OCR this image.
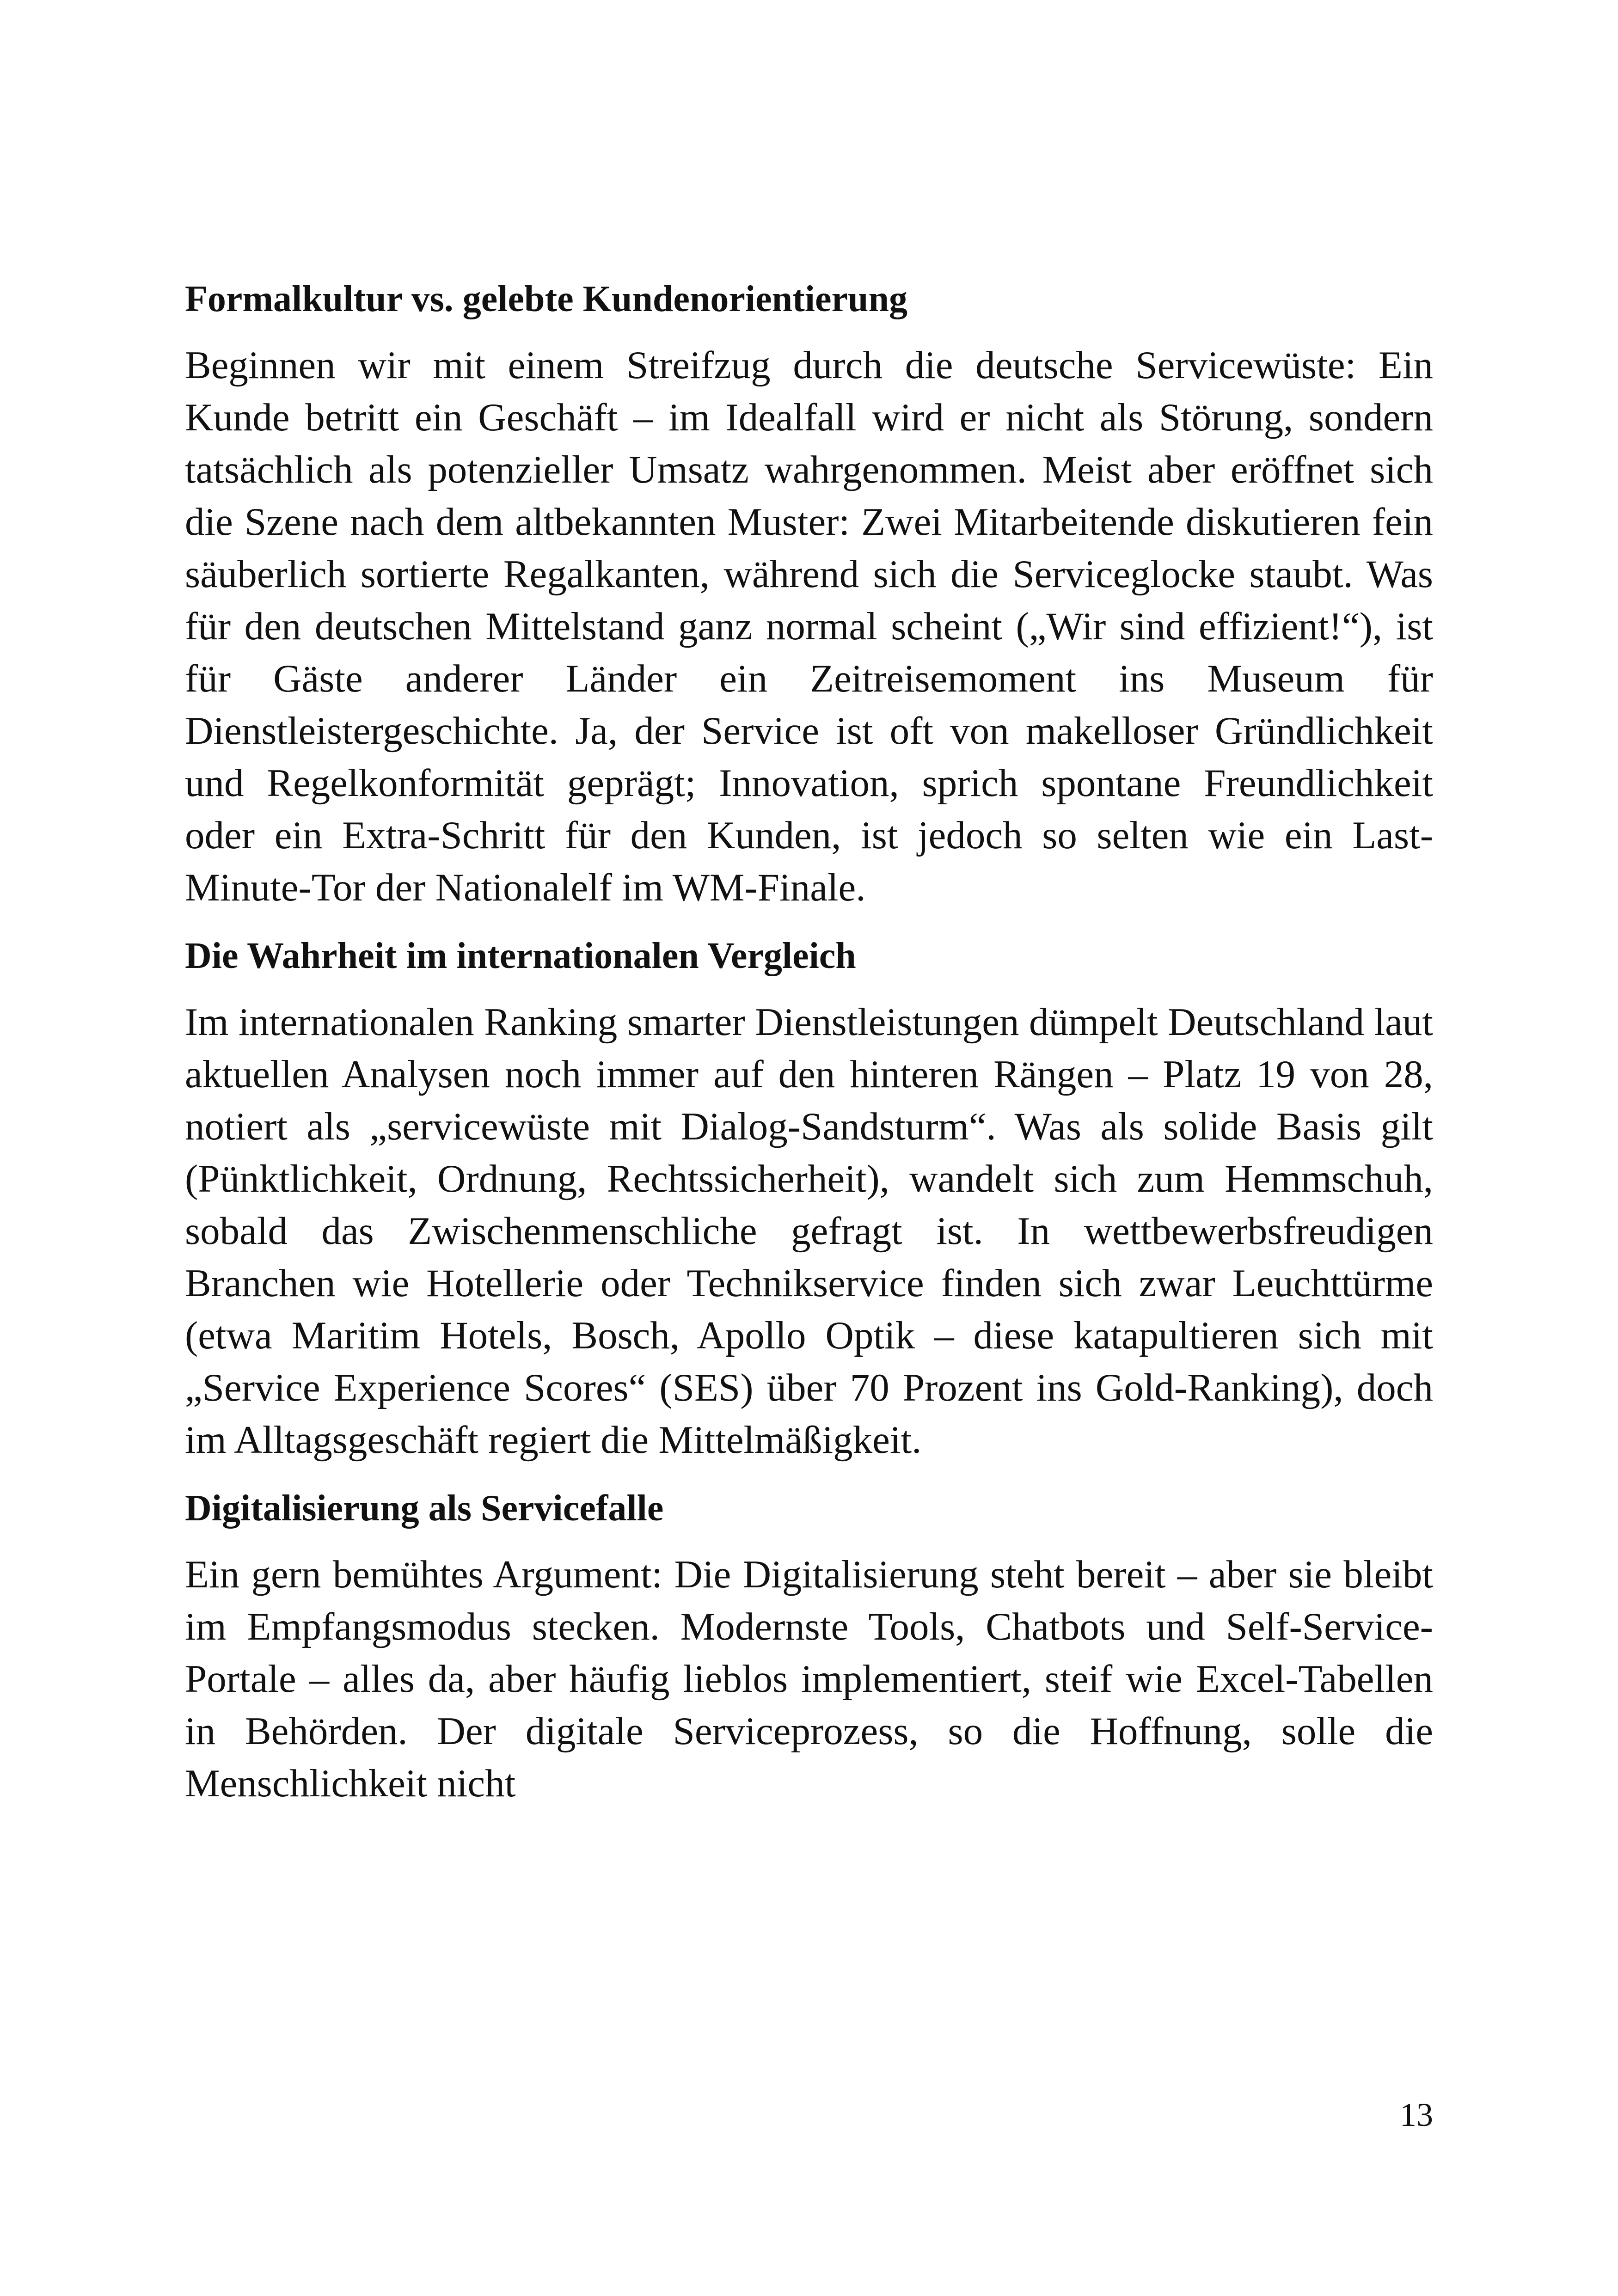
Formalkultur vs. gelebte Kundenorientierung

Beginnen wir mit einem Streifzug durch die deutsche Servicewüste: Ein Kunde betritt ein Geschäft – im Idealfall wird er nicht als Störung, sondern tatsächlich als potenzieller Umsatz wahrgenommen. Meist aber eröffnet sich die Szene nach dem altbekannten Muster: Zwei Mitarbeitende diskutieren fein säuberlich sortierte Regalkanten, während sich die Serviceglocke staubt. Was für den deutschen Mittelstand ganz normal scheint („Wir sind effizient!“), ist für Gäste anderer Länder ein Zeitreisemoment ins Museum für Dienstleistergeschichte. Ja, der Service ist oft von makelloser Gründlichkeit und Regelkonformität geprägt; Innovation, sprich spontane Freundlichkeit oder ein Extra-Schritt für den Kunden, ist jedoch so selten wie ein Last-Minute-Tor der Nationalelf im WM-Finale.

Die Wahrheit im internationalen Vergleich

Im internationalen Ranking smarter Dienstleistungen dümpelt Deutschland laut aktuellen Analysen noch immer auf den hinteren Rängen – Platz 19 von 28, notiert als „servicewüste mit Dialog-Sandsturm“. Was als solide Basis gilt (Pünktlichkeit, Ordnung, Rechtssicherheit), wandelt sich zum Hemmschuh, sobald das Zwischenmenschliche gefragt ist. In wettbewerbsfreudigen Branchen wie Hotellerie oder Technikservice finden sich zwar Leuchttürme (etwa Maritim Hotels, Bosch, Apollo Optik – diese katapultieren sich mit „Service Experience Scores“ (SES) über 70 Prozent ins Gold-Ranking), doch im Alltagsgeschäft regiert die Mittelmäßigkeit.

Digitalisierung als Servicefalle

Ein gern bemühtes Argument: Die Digitalisierung steht bereit – aber sie bleibt im Empfangsmodus stecken. Modernste Tools, Chatbots und Self-Service-Portale – alles da, aber häufig lieblos implementiert, steif wie Excel-Tabellen in Behörden. Der digitale Serviceprozess, so die Hoffnung, solle die Menschlichkeit nicht

13
